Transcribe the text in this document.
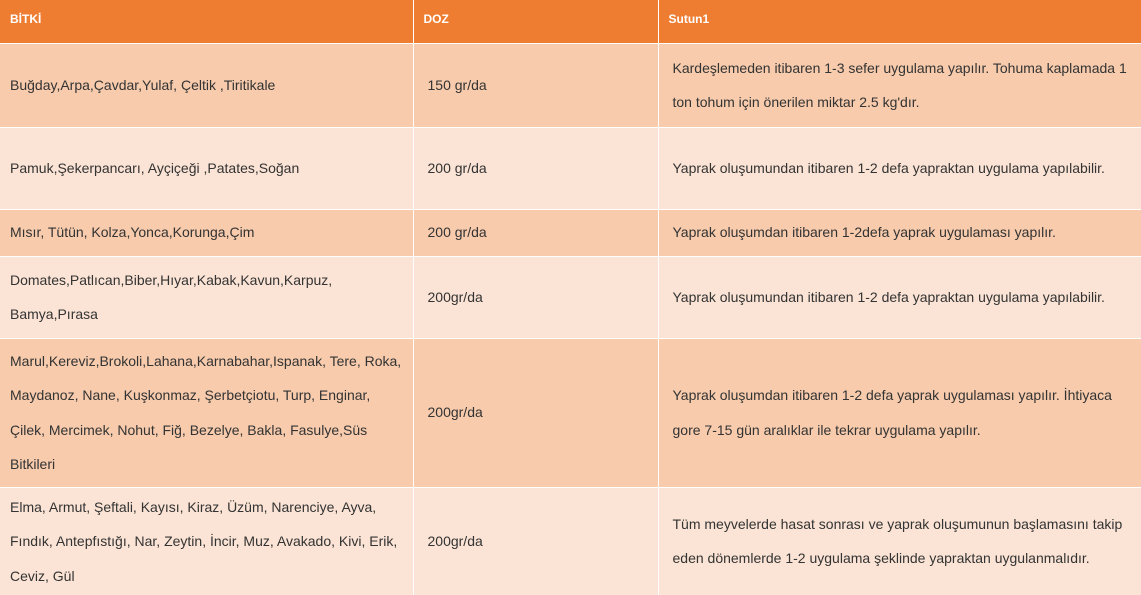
BİTKİ	DOZ	Sutun1
Buğday,Arpa,Çavdar,Yulaf, Çeltik ,Tiritikale	150 gr/da	Kardeşlemeden itibaren 1-3 sefer uygulama yapılır. Tohuma kaplamada 1 ton tohum için önerilen miktar 2.5 kg'dır.
Pamuk,Şekerpancarı, Ayçiçeği ,Patates,Soğan	200 gr/da	Yaprak oluşumundan itibaren 1-2 defa yapraktan uygulama yapılabilir.
Mısır, Tütün, Kolza,Yonca,Korunga,Çim	200 gr/da	Yaprak oluşumdan itibaren 1-2defa yaprak uygulaması yapılır.
Domates,Patlıcan,Biber,Hıyar,Kabak,Kavun,Karpuz, Bamya,Pırasa	200gr/da	Yaprak oluşumundan itibaren 1-2 defa yapraktan uygulama yapılabilir.
Marul,Kereviz,Brokoli,Lahana,Karnabahar,Ispanak, Tere, Roka, Maydanoz, Nane, Kuşkonmaz, Şerbetçiotu, Turp, Enginar, Çilek, Mercimek, Nohut, Fiğ, Bezelye, Bakla, Fasulye,Süs Bitkileri	200gr/da	Yaprak oluşumdan itibaren 1-2 defa yaprak uygulaması yapılır. İhtiyaca gore 7-15 gün aralıklar ile tekrar uygulama yapılır.
Elma, Armut, Şeftali, Kayısı, Kiraz, Üzüm, Narenciye, Ayva, Fındık, Antepfıstığı, Nar, Zeytin, İncir, Muz, Avakado, Kivi, Erik, Ceviz, Gül	200gr/da	Tüm meyvelerde hasat sonrası ve yaprak oluşumunun başlamasını takip eden dönemlerde 1-2 uygulama şeklinde yapraktan uygulanmalıdır.
